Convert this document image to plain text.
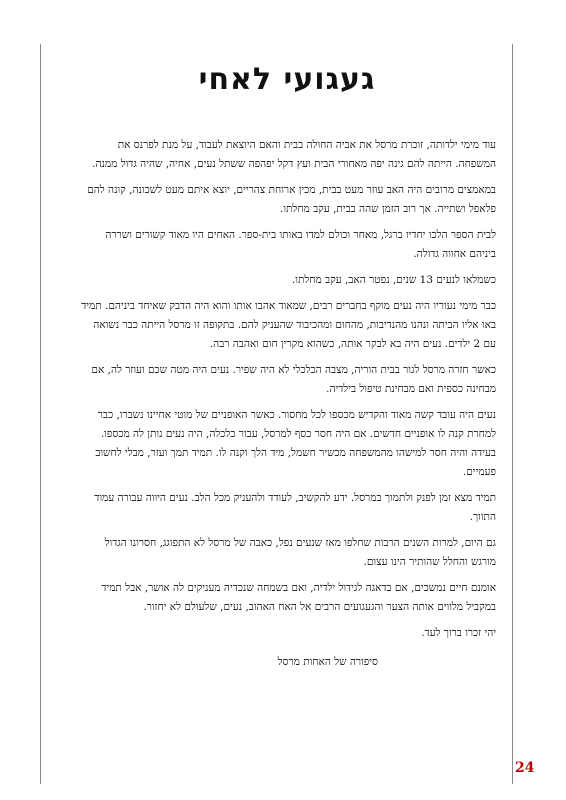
געגועי לאחי

עוד מימי ילדותה, זוכרת מרסל את אביה החולה בבית והאם היוצאת לעבוד, על מנת לפרנס את המשפחה. הייתה להם גינה יפה מאחורי הבית ועץ דקל יפהפה ששתל נעים, אחיה, שהיה גדול ממנה.

במאמצים מרובים היה האב עוזר מעט בבית, מכין ארוחת צהריים, יוצא איתם מעט לשכונה, קונה להם פלאפל ושתייה. אך רוב הזמן שהה בבית, עקב מחלתו.

לבית הספר הלכו יחדיו ברגל, מאחר וכולם למדו באותו בית-ספר. האחים היו מאוד קשורים ושררה ביניהם אחווה גדולה.

כשמלאו לנעים 13 שנים, נפטר האב, עקב מחלתו.

כבר מימי נעוריו היה נעים מוקף בחברים רבים, שמאוד אהבו אותו והוא היה הדבק שאיחד ביניהם. תמיד באו אליו הביתה ונהנו מהנדיבות, מהחום ומהכיבוד שהעניק להם. בתקופה זו מרסל הייתה כבר נשואה עם 2 ילדים. נעים היה בא לבקר אותה, כשהוא מקרין חום ואהבה רבה.

כאשר חזרה מרסל לגור בבית הוריה, מצבה הכלכלי לא היה שפיר. נעים היה מטה שכם ועוזר לה, אם מבחינה כספית ואם מבחינת טיפול בילדיה.

נעים היה עובד קשה מאוד והקדיש מכספו לכל מחסור. כאשר האופניים של מוטי אחיינו נשברו, כבר למחרת קנה לו אופניים חדשים. אם היה חסר כסף למרסל, עבור כלכלה, היה נעים נותן לה מכספו. בעידה והיה חסר למישהו מהמשפחה מכשיר חשמל, מיד הלך וקנה לו. תמיד תמך ועזר, מבלי לחשוב פעמיים.

תמיד מצא זמן לפנק ולתמוך במרסל. ידע להקשיב, לעודד ולהעניק מכל הלב. נעים היווה עבורה עמוד התווך.

גם היום, למרות השנים הרבות שחלפו מאז שנעים נפל, כאבה של מרסל לא התפוגג, חסרונו הגדול מורגש והחלל שהותיר הינו עצום.

אומנם חיים נמשכים, אם בדאגה לגידול ילדיה, ואם בשמחה שנכדיה מעניקים לה אושר, אבל תמיד במקביל מלווים אותה הצער והגעגועים הרבים אל האח האהוב, נעים, שלעולם לא יחזור.

יהי זכרו ברוך לעד.

סיפורה של האחות מרסל

24
